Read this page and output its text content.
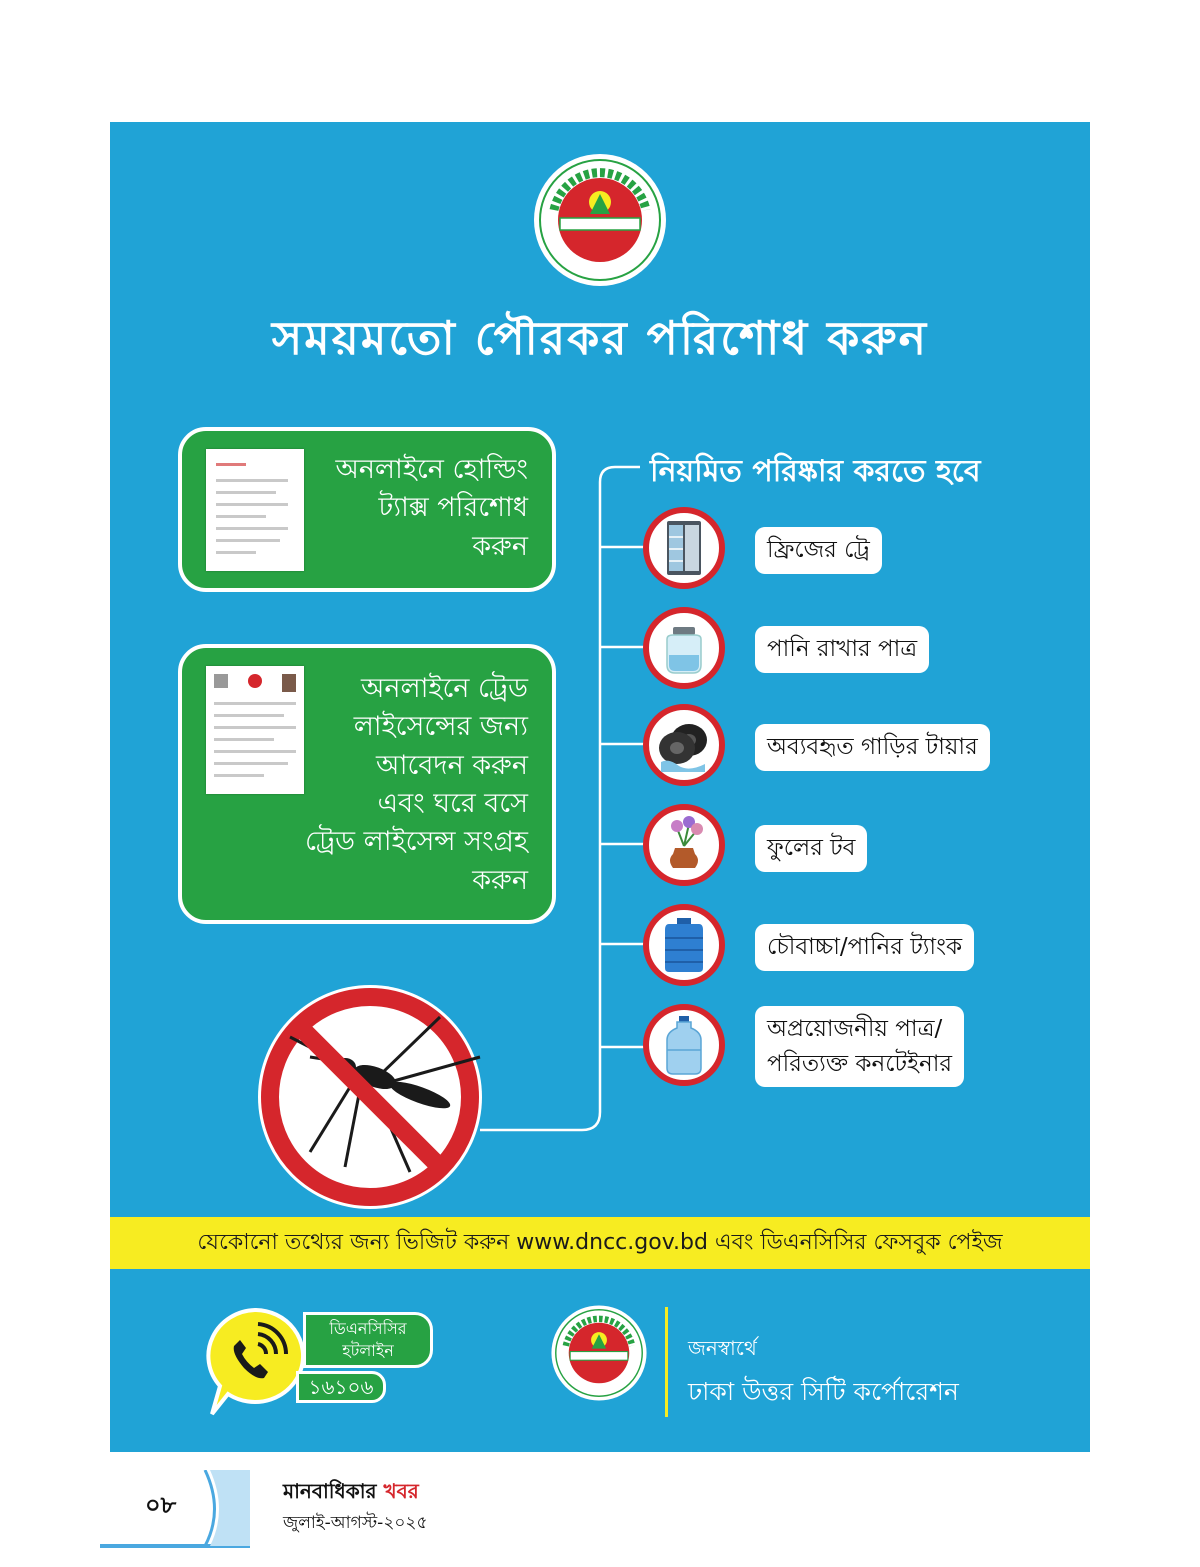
সময়মতো পৌরকর পরিশোধ করুন
অনলাইনে হোল্ডিং
ট্যাক্স পরিশোধ
করুন
অনলাইনে ট্রেড
লাইসেন্সের জন্য
আবেদন করুন
এবং ঘরে বসে
ট্রেড লাইসেন্স সংগ্রহ
করুন
নিয়মিত পরিষ্কার করতে হবে
ফ্রিজের ট্রে
পানি রাখার পাত্র
অব্যবহৃত গাড়ির টায়ার
ফুলের টব
চৌবাচ্চা/পানির ট্যাংক
অপ্রয়োজনীয় পাত্র/
পরিত্যক্ত কনটেইনার
যেকোনো তথ্যের জন্য ভিজিট করুন www.dncc.gov.bd এবং ডিএনসিসির ফেসবুক পেইজ
ডিএনসিসির
হটলাইন
১৬১০৬
জনস্বার্থে
ঢাকা উত্তর সিটি কর্পোরেশন
০৮	মানবাধিকার খবর
জুলাই-আগস্ট-২০২৫
